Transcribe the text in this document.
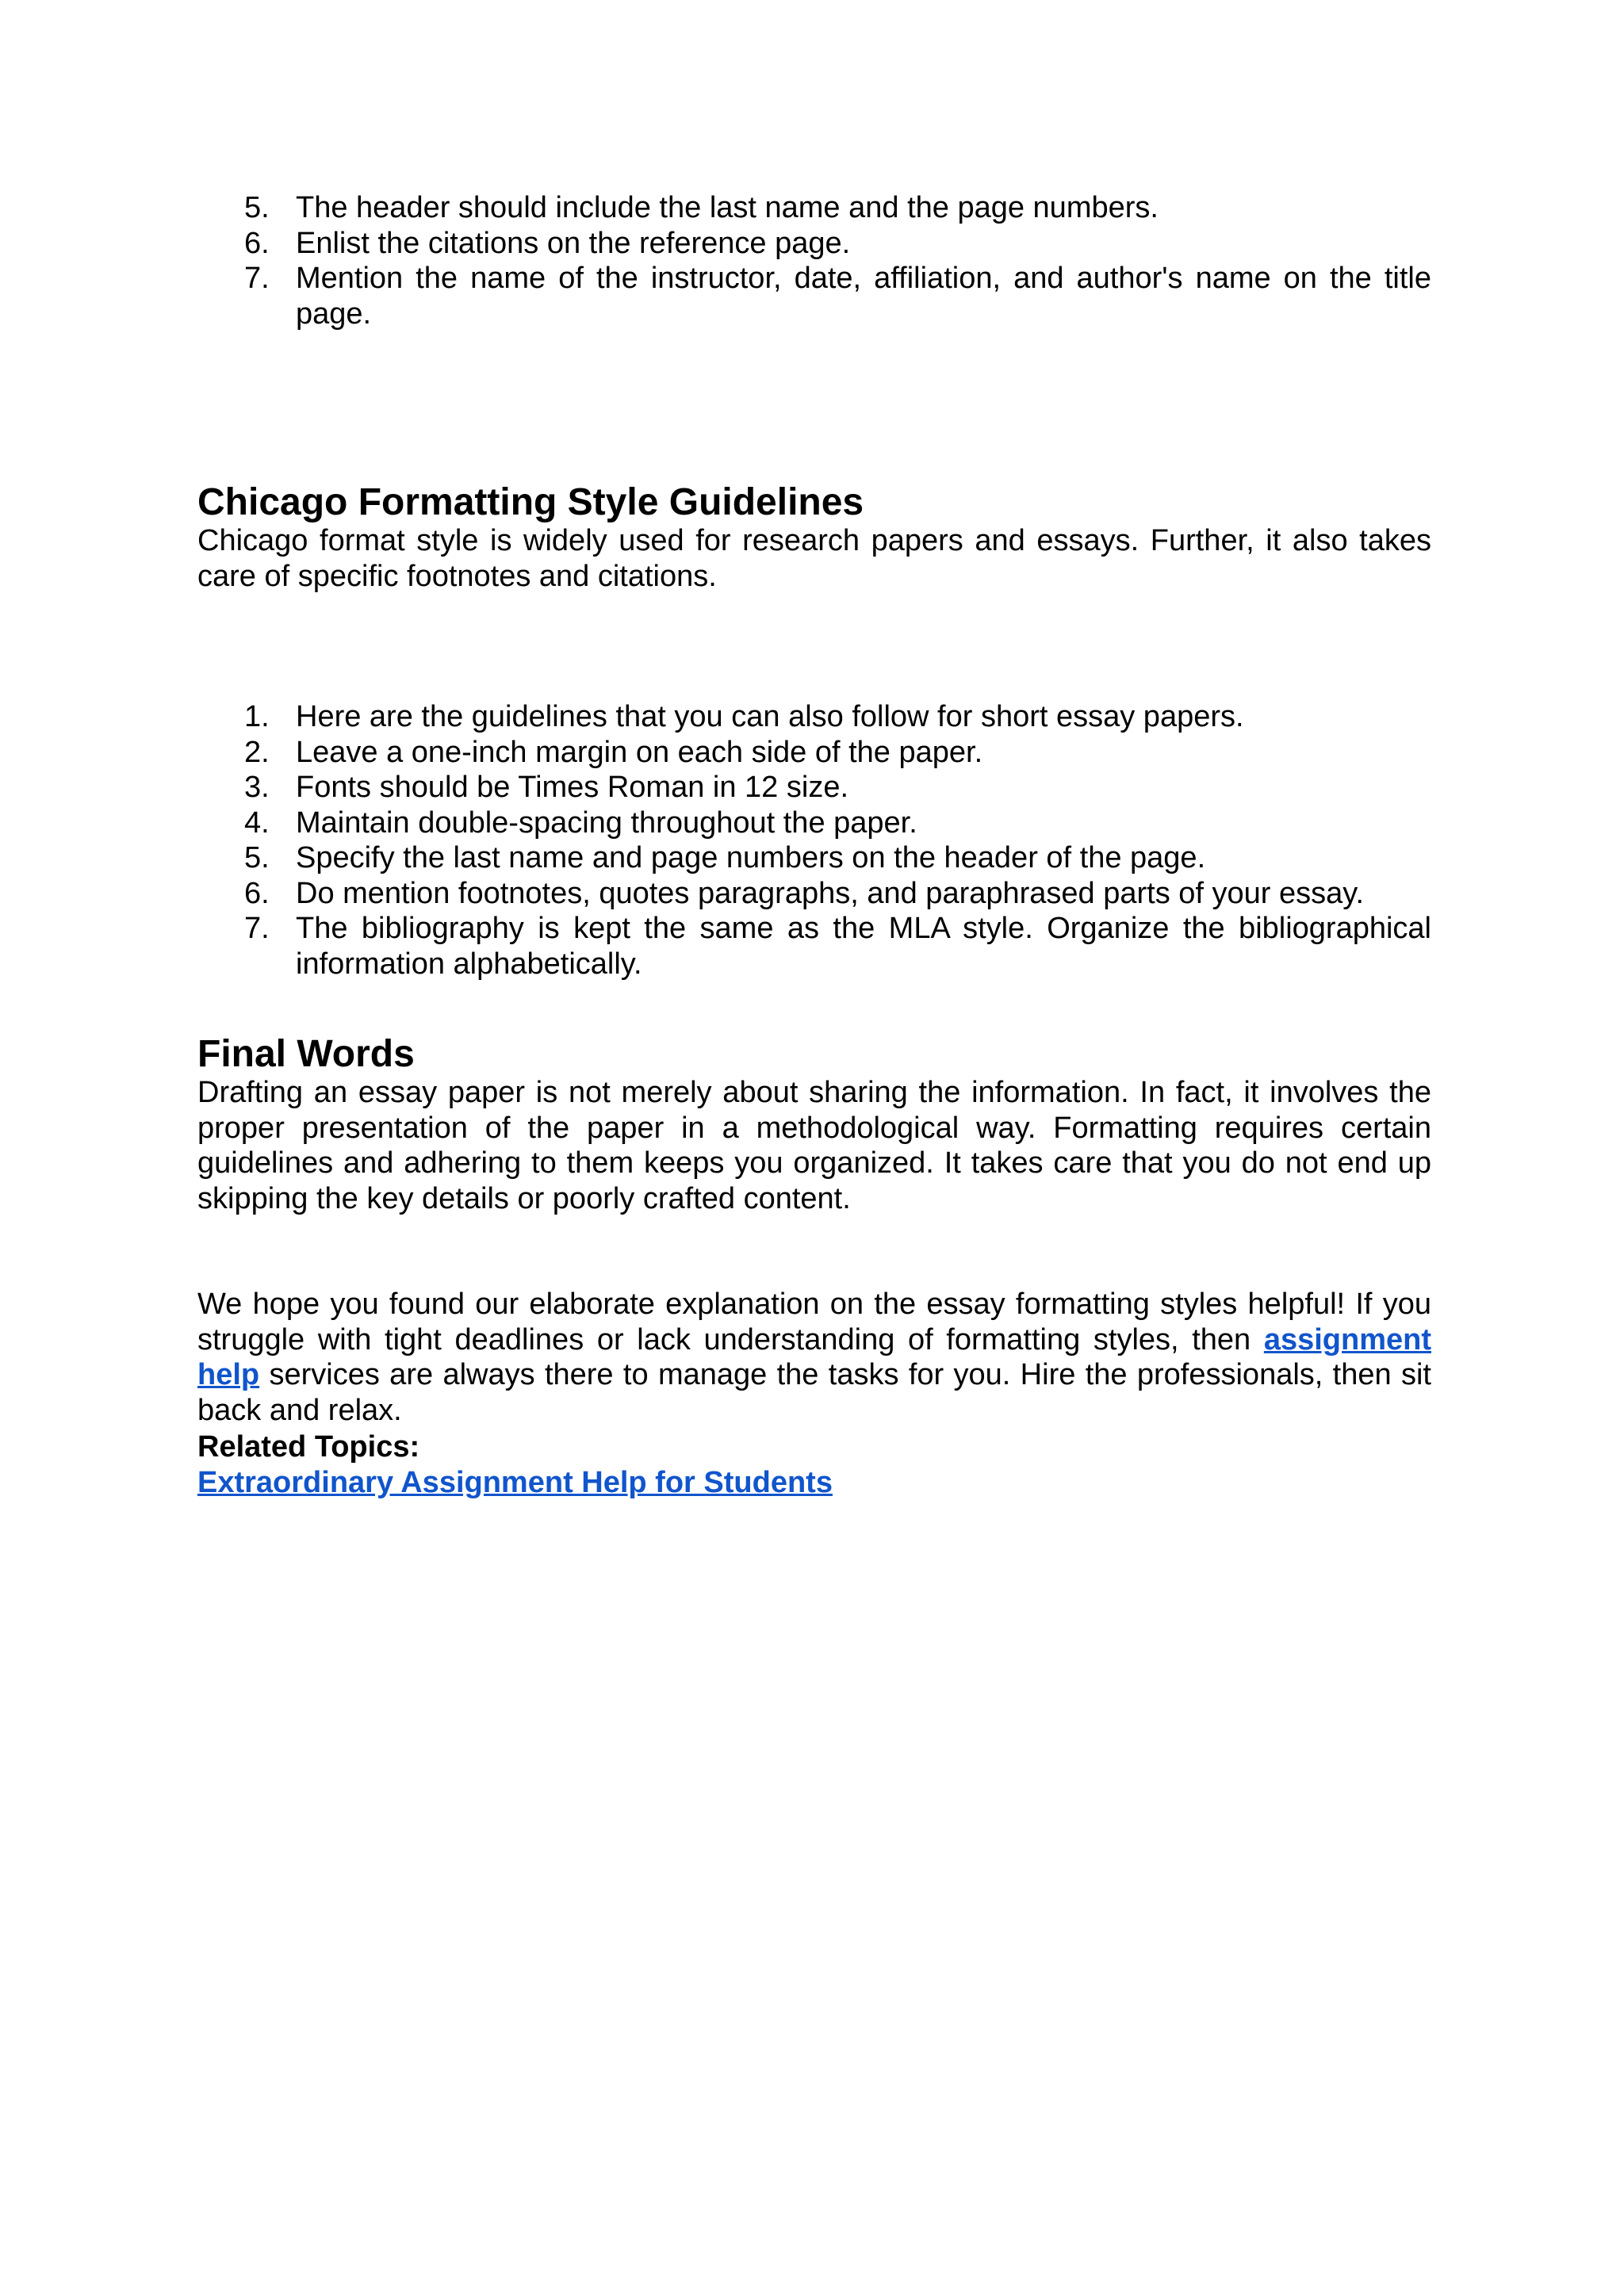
5. The header should include the last name and the page numbers.
6. Enlist the citations on the reference page.
7. Mention the name of the instructor, date, affiliation, and author's name on the title page.
Chicago Formatting Style Guidelines

Chicago format style is widely used for research papers and essays. Further, it also takes care of specific footnotes and citations.

1. Here are the guidelines that you can also follow for short essay papers.
2. Leave a one-inch margin on each side of the paper.
3. Fonts should be Times Roman in 12 size.
4. Maintain double-spacing throughout the paper.
5. Specify the last name and page numbers on the header of the page.
6. Do mention footnotes, quotes paragraphs, and paraphrased parts of your essay.
7. The bibliography is kept the same as the MLA style. Organize the bibliographical information alphabetically.
Final Words

Drafting an essay paper is not merely about sharing the information. In fact, it involves the proper presentation of the paper in a methodological way. Formatting requires certain guidelines and adhering to them keeps you organized. It takes care that you do not end up skipping the key details or poorly crafted content.

We hope you found our elaborate explanation on the essay formatting styles helpful! If you struggle with tight deadlines or lack understanding of formatting styles, then assignment help services are always there to manage the tasks for you. Hire the professionals, then sit back and relax.

Related Topics:

Extraordinary Assignment Help for Students
